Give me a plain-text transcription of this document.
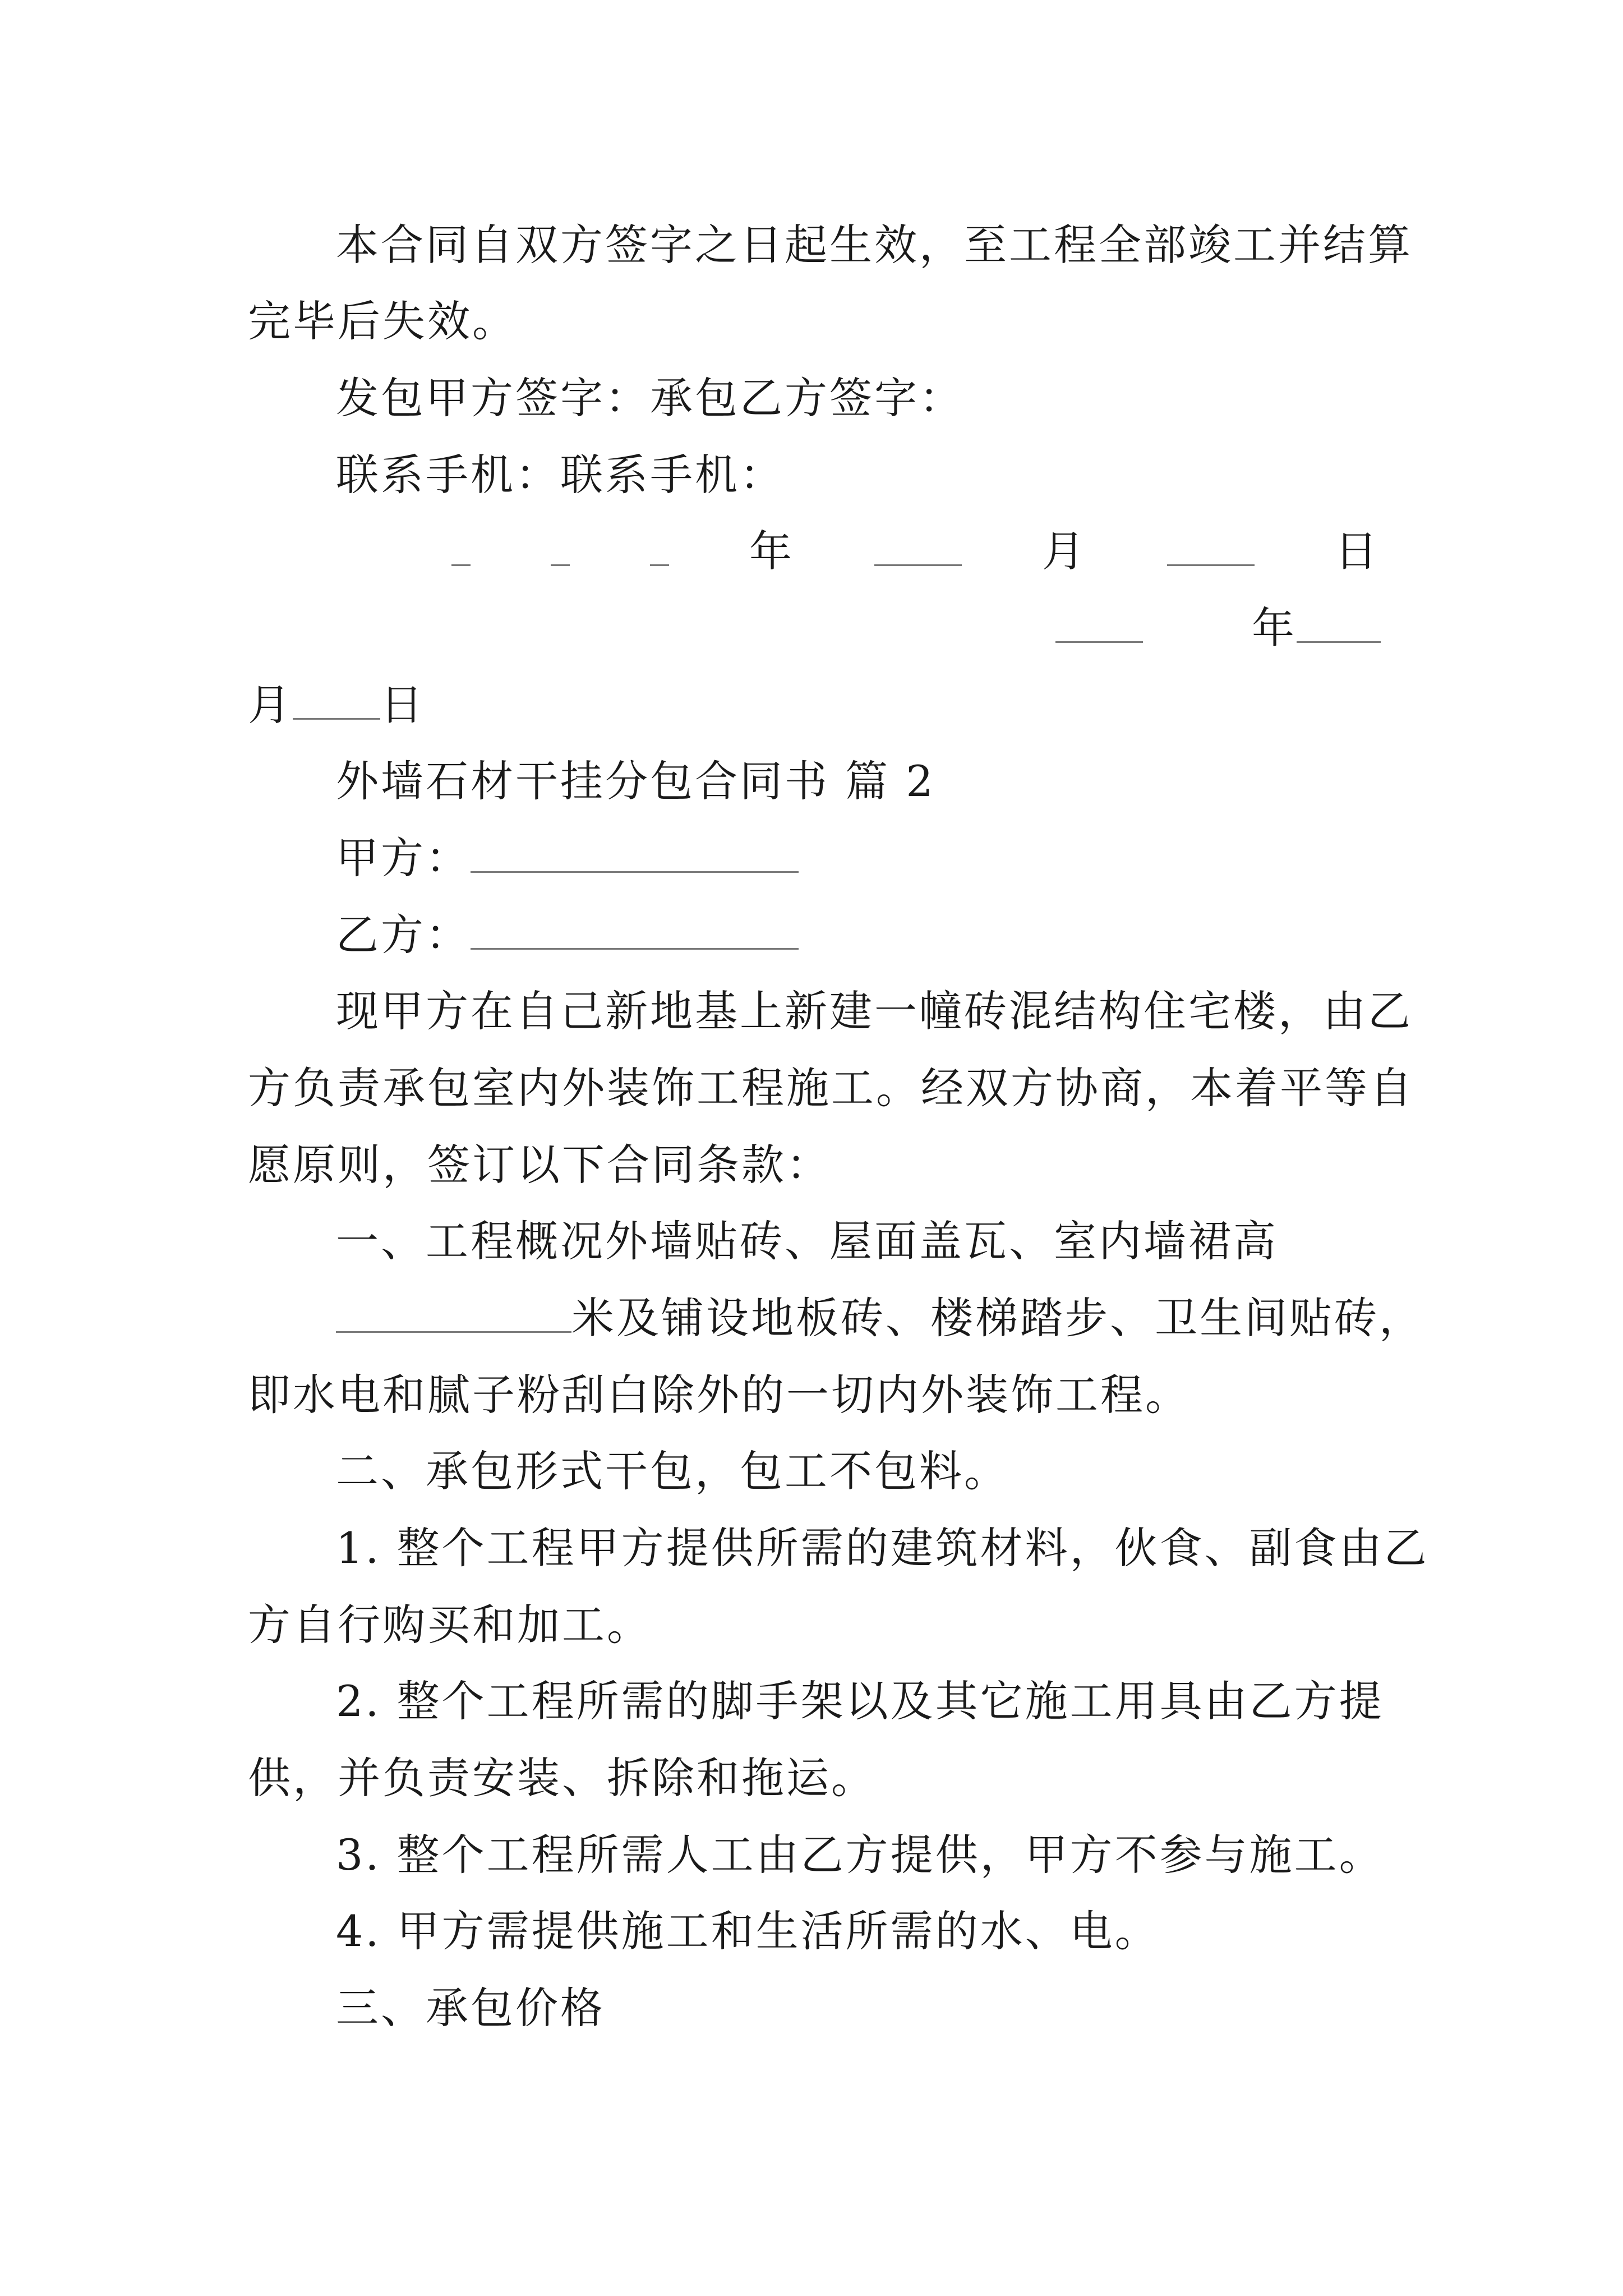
本合同自双方签字之日起生效，至工程全部竣工并结算
完毕后失效。
发包甲方签字：承包乙方签字：
联系手机：联系手机：
年	月	日
年
月 日
外墙石材干挂分包合同书 篇 2
甲方：
乙方：
现甲方在自己新地基上新建一幢砖混结构住宅楼，由乙
方负责承包室内外装饰工程施工。经双方协商，本着平等自
愿原则，签订以下合同条款：
一、工程概况外墙贴砖、屋面盖瓦、室内墙裙高
米及铺设地板砖、楼梯踏步、卫生间贴砖，
即水电和腻子粉刮白除外的一切内外装饰工程。
二、承包形式干包，包工不包料。
1. 整个工程甲方提供所需的建筑材料，伙食、副食由乙
方自行购买和加工。
2. 整个工程所需的脚手架以及其它施工用具由乙方提
供，并负责安装、拆除和拖运。
3. 整个工程所需人工由乙方提供，甲方不参与施工。
4. 甲方需提供施工和生活所需的水、电。
三、承包价格
